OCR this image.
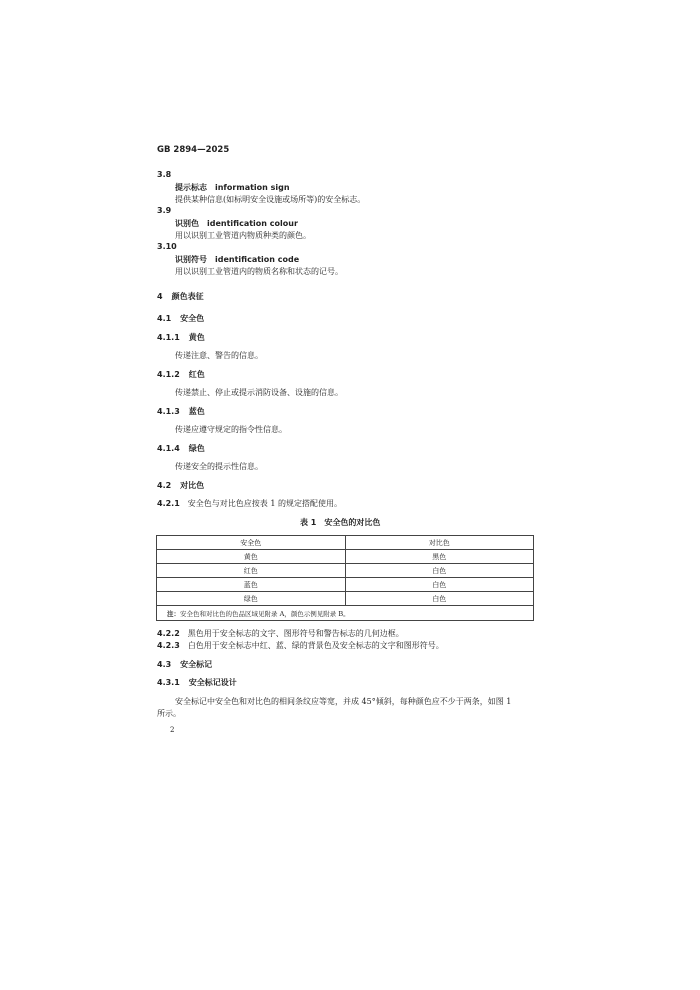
GB 2894—2025
3.8
提示标志　information sign
提供某种信息(如标明安全设施或场所等)的安全标志。
3.9
识别色　identification colour
用以识别工业管道内物质种类的颜色。
3.10
识别符号　identification code
用以识别工业管道内的物质名称和状态的记号。
4 颜色表征
4.1 安全色
4.1.1 黄色
传递注意、警告的信息。
4.1.2 红色
传递禁止、停止或提示消防设备、设施的信息。
4.1.3 蓝色
传递应遵守规定的指令性信息。
4.1.4 绿色
传递安全的提示性信息。
4.2 对比色
4.2.1 安全色与对比色应按表 1 的规定搭配使用。
表 1　安全色的对比色
安全色	对比色
黄色	黑色
红色	白色
蓝色	白色
绿色	白色
注：安全色和对比色的色品区域见附录 A，颜色示例见附录 B。	
4.2.2 黑色用于安全标志的文字、图形符号和警告标志的几何边框。
4.2.3 白色用于安全标志中红、蓝、绿的背景色及安全标志的文字和图形符号。
4.3 安全标记
4.3.1 安全标记设计
安全标记中安全色和对比色的相间条纹应等宽，并成 45°倾斜，每种颜色应不少于两条，如图 1
所示。
2
